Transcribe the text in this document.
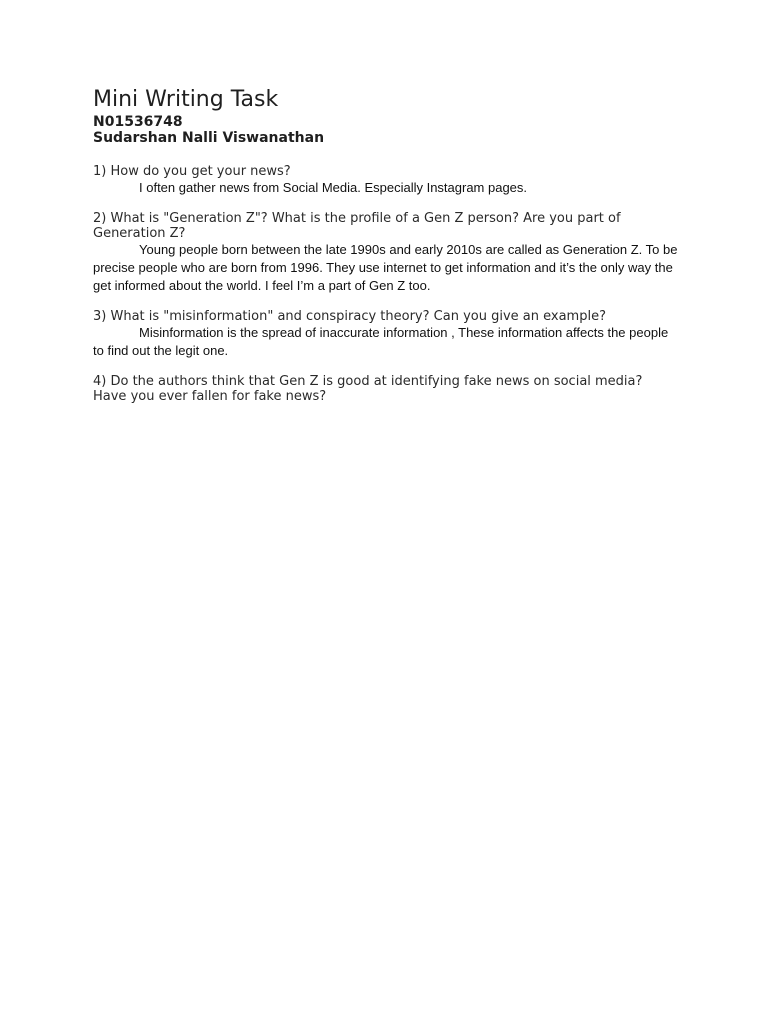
Mini Writing Task

N01536748

Sudarshan Nalli Viswanathan

1) How do you get your news?

I often gather news from Social Media. Especially Instagram pages.

2) What is "Generation Z"? What is the profile of a Gen Z person? Are you part of Generation Z?

Young people born between the late 1990s and early 2010s are called as Generation Z. To be precise people who are born from 1996. They use internet to get information and it’s the only way the get informed about the world. I feel I’m a part of Gen Z too.

3) What is "misinformation" and conspiracy theory? Can you give an example?

Misinformation is the spread of inaccurate information , These information affects the people to find out the legit one.

4) Do the authors think that Gen Z is good at identifying fake news on social media? Have you ever fallen for fake news?
